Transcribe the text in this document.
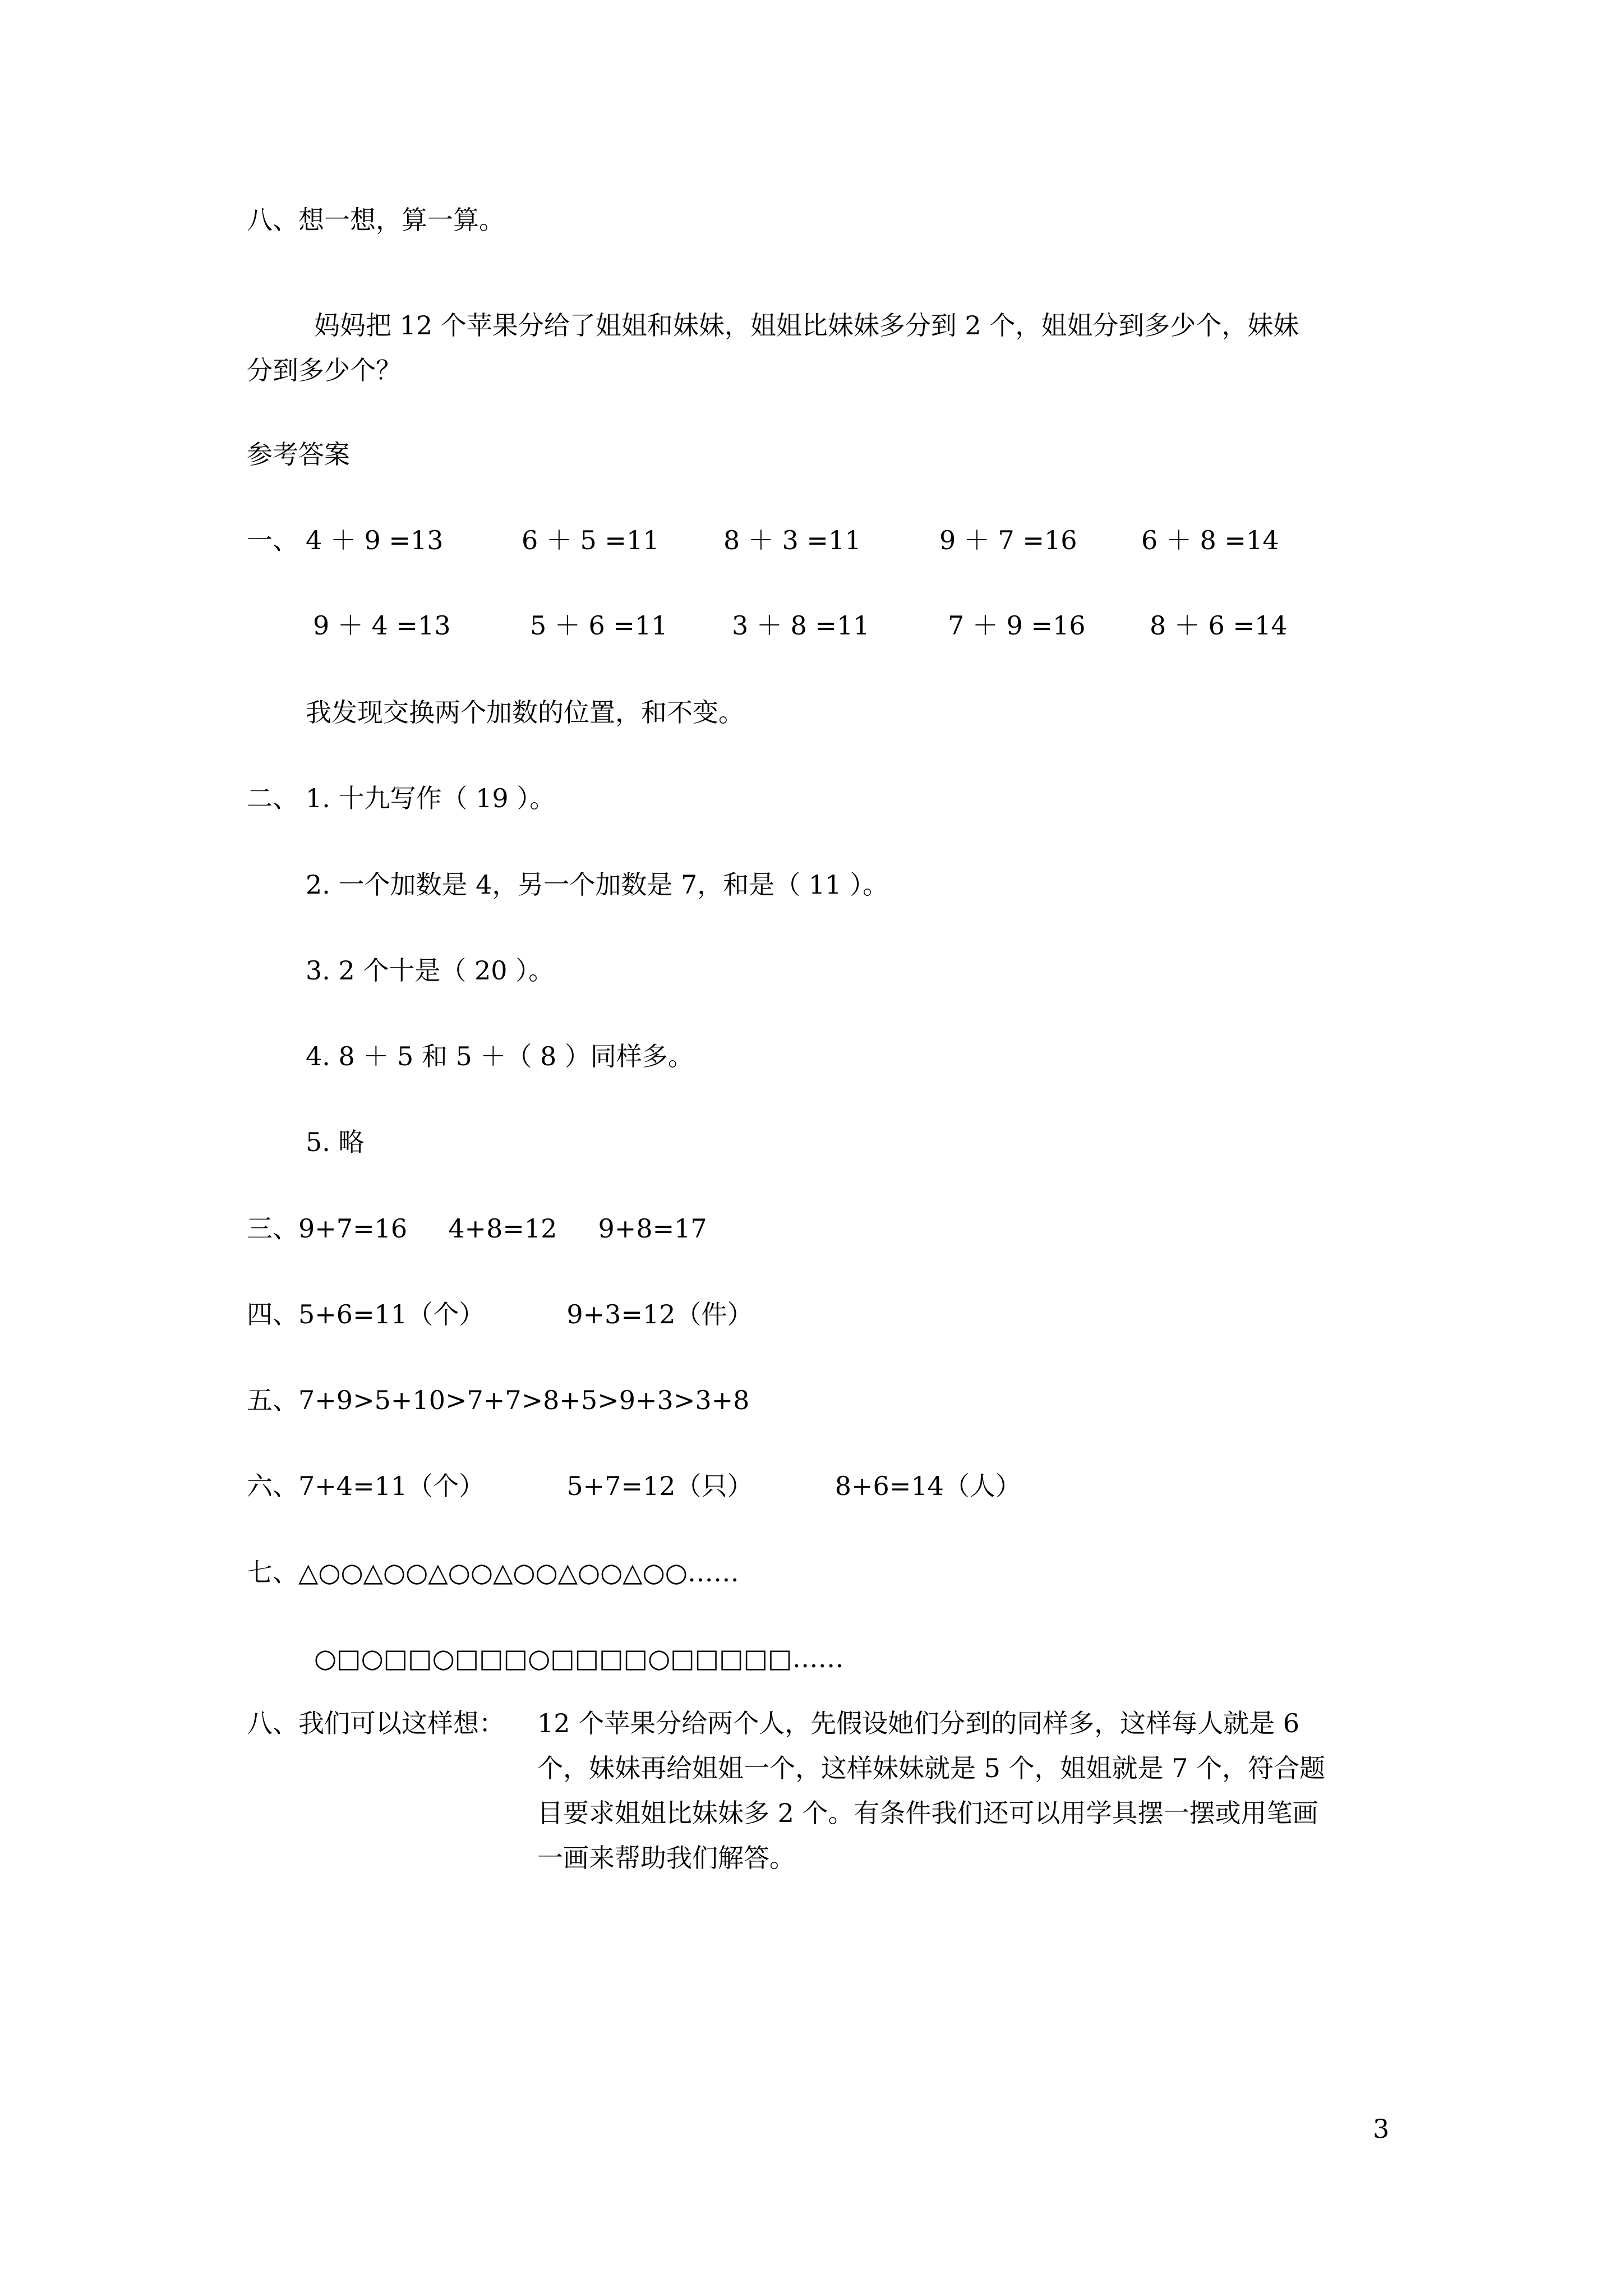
八、想一想，算一算。
妈妈把 12 个苹果分给了姐姐和妹妹，姐姐比妹妹多分到 2 个，姐姐分到多少个，妹妹
分到多少个？
参考答案
一、 4 ＋ 9 =13	6 ＋ 5 =11 8 ＋ 3 =11	9 ＋ 7 =16 6 ＋ 8 =14
9 ＋ 4 =13	5 ＋ 6 =11 3 ＋ 8 =11	7 ＋ 9 =16 8 ＋ 6 =14
我发现交换两个加数的位置，和不变。
二、 1. 十九写作（ 19 ）。
2. 一个加数是 4，另一个加数是 7，和是（ 11 ）。
3. 2 个十是（ 20 ）。
4. 8 ＋ 5 和 5 ＋（ 8 ）同样多。
5. 略
三、9+7=16     4+8=12     9+8=17
四、5+6=11（个）          9+3=12（件）
五、7+9>5+10>7+7>8+5>9+3>3+8
六、7+4=11（个）          5+7=12（只）          8+6=14（人）
七、△○○△○○△○○△○○△○○△○○……
○□○□□○□□□○□□□□○□□□□□……
八、我们可以这样想： 12 个苹果分给两个人，先假设她们分到的同样多，这样每人就是 6
个，妹妹再给姐姐一个，这样妹妹就是 5 个，姐姐就是 7 个，符合题
目要求姐姐比妹妹多 2 个。有条件我们还可以用学具摆一摆或用笔画
一画来帮助我们解答。
3
